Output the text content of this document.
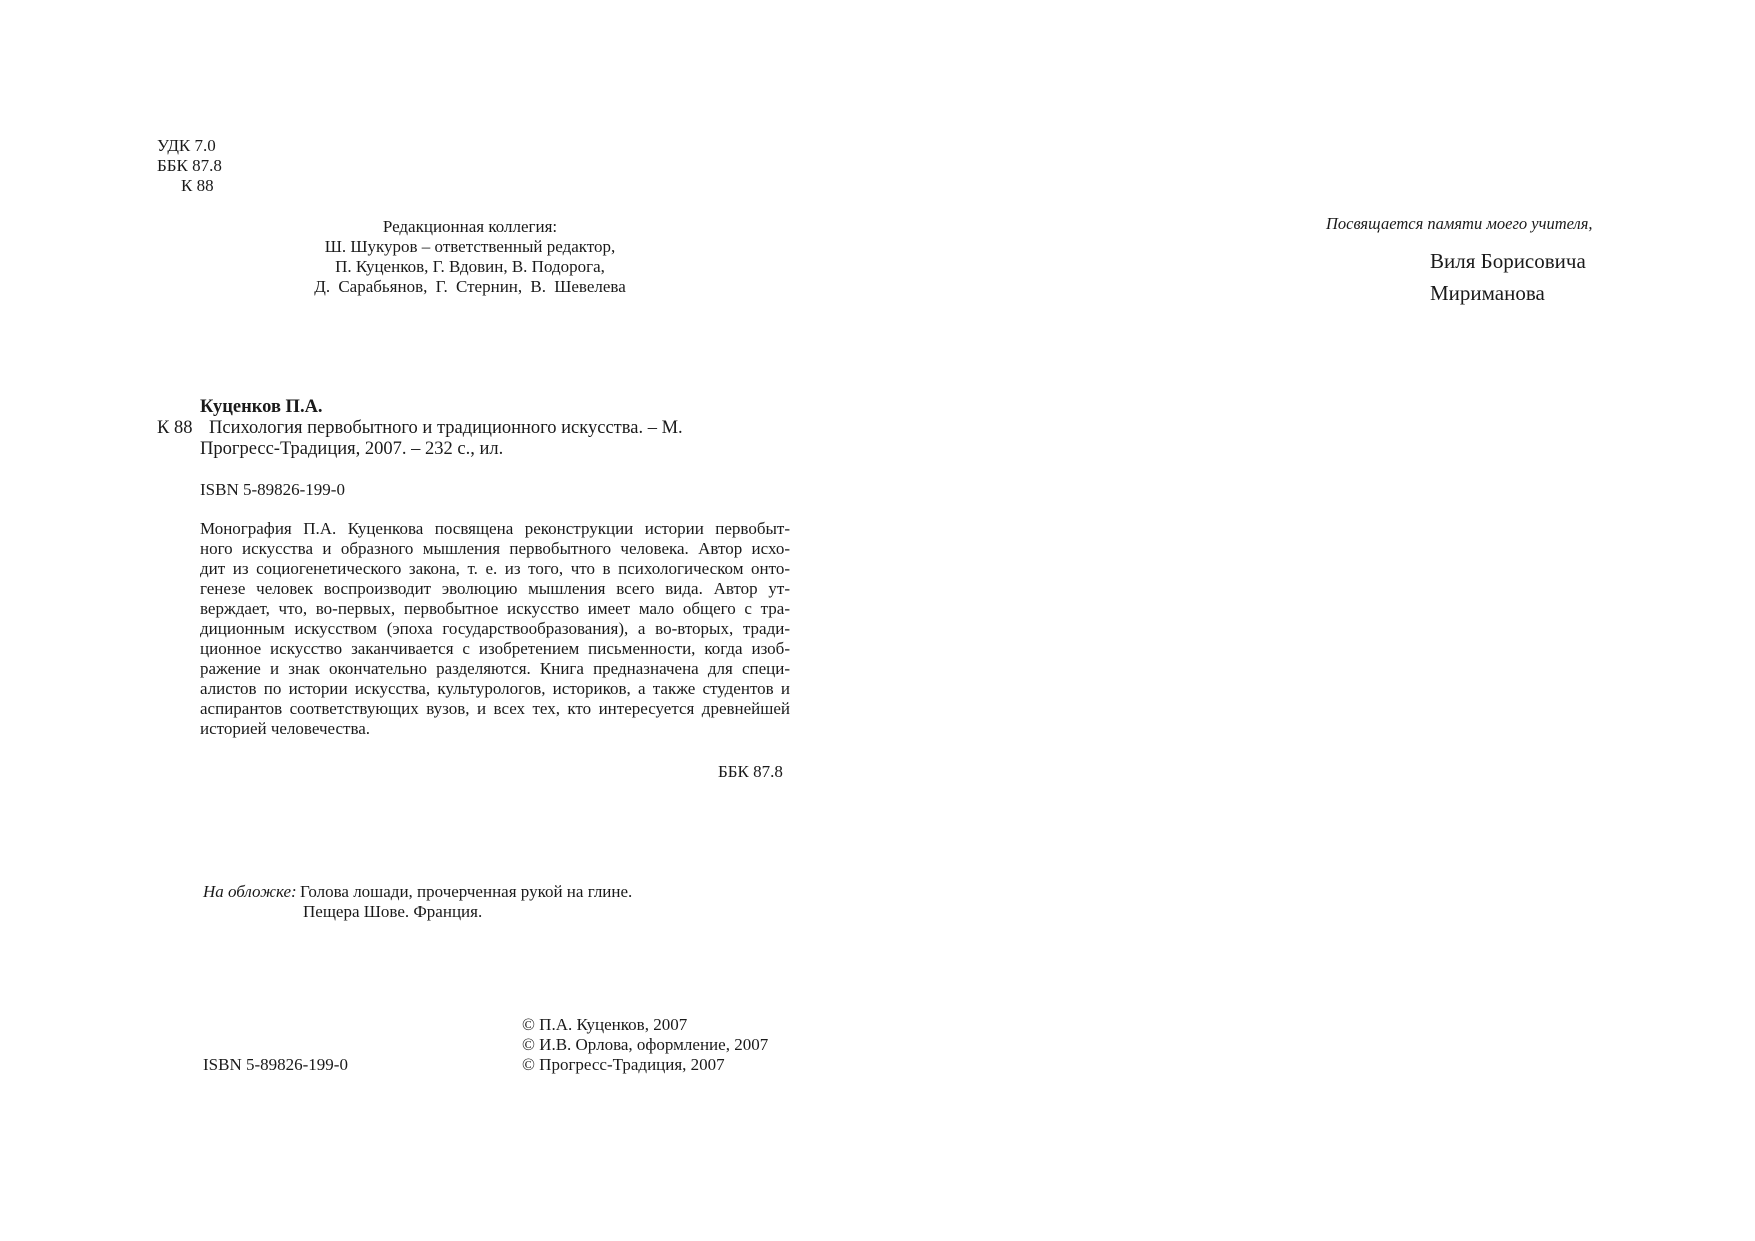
УДК 7.0
ББК 87.8
К 88
Редакционная коллегия:
Ш. Шукуров – ответственный редактор,
П. Куценков, Г. Вдовин, В. Подорога,
Д. Сарабьянов, Г. Стернин, В. Шевелева
Посвящается памяти моего учителя,
Виля Борисовича
Мириманова
Куценков П.А.
К 88 Психология первобытного и традиционного искусства. – М.
Прогресс-Традиция, 2007. – 232 с., ил.
ISBN 5-89826-199-0
Монография П.А. Куценкова посвящена реконструкции истории первобыт-
ного искусства и образного мышления первобытного человека. Автор исхо-
дит из социогенетического закона, т. е. из того, что в психологическом онто-
генезе человек воспроизводит эволюцию мышления всего вида. Автор ут-
верждает, что, во-первых, первобытное искусство имеет мало общего с тра-
диционным искусством (эпоха государствообразования), а во-вторых, тради-
ционное искусство заканчивается с изобретением письменности, когда изоб-
ражение и знак окончательно разделяются. Книга предназначена для специ-
алистов по истории искусства, культурологов, историков, а также студентов и
аспирантов соответствующих вузов, и всех тех, кто интересуется древнейшей
историей человечества.
ББК 87.8
На обложке: Голова лошади, прочерченная рукой на глине.
Пещера Шове. Франция.
ISBN 5-89826-199-0
© П.А. Куценков, 2007
© И.В. Орлова, оформление, 2007
© Прогресс-Традиция, 2007
